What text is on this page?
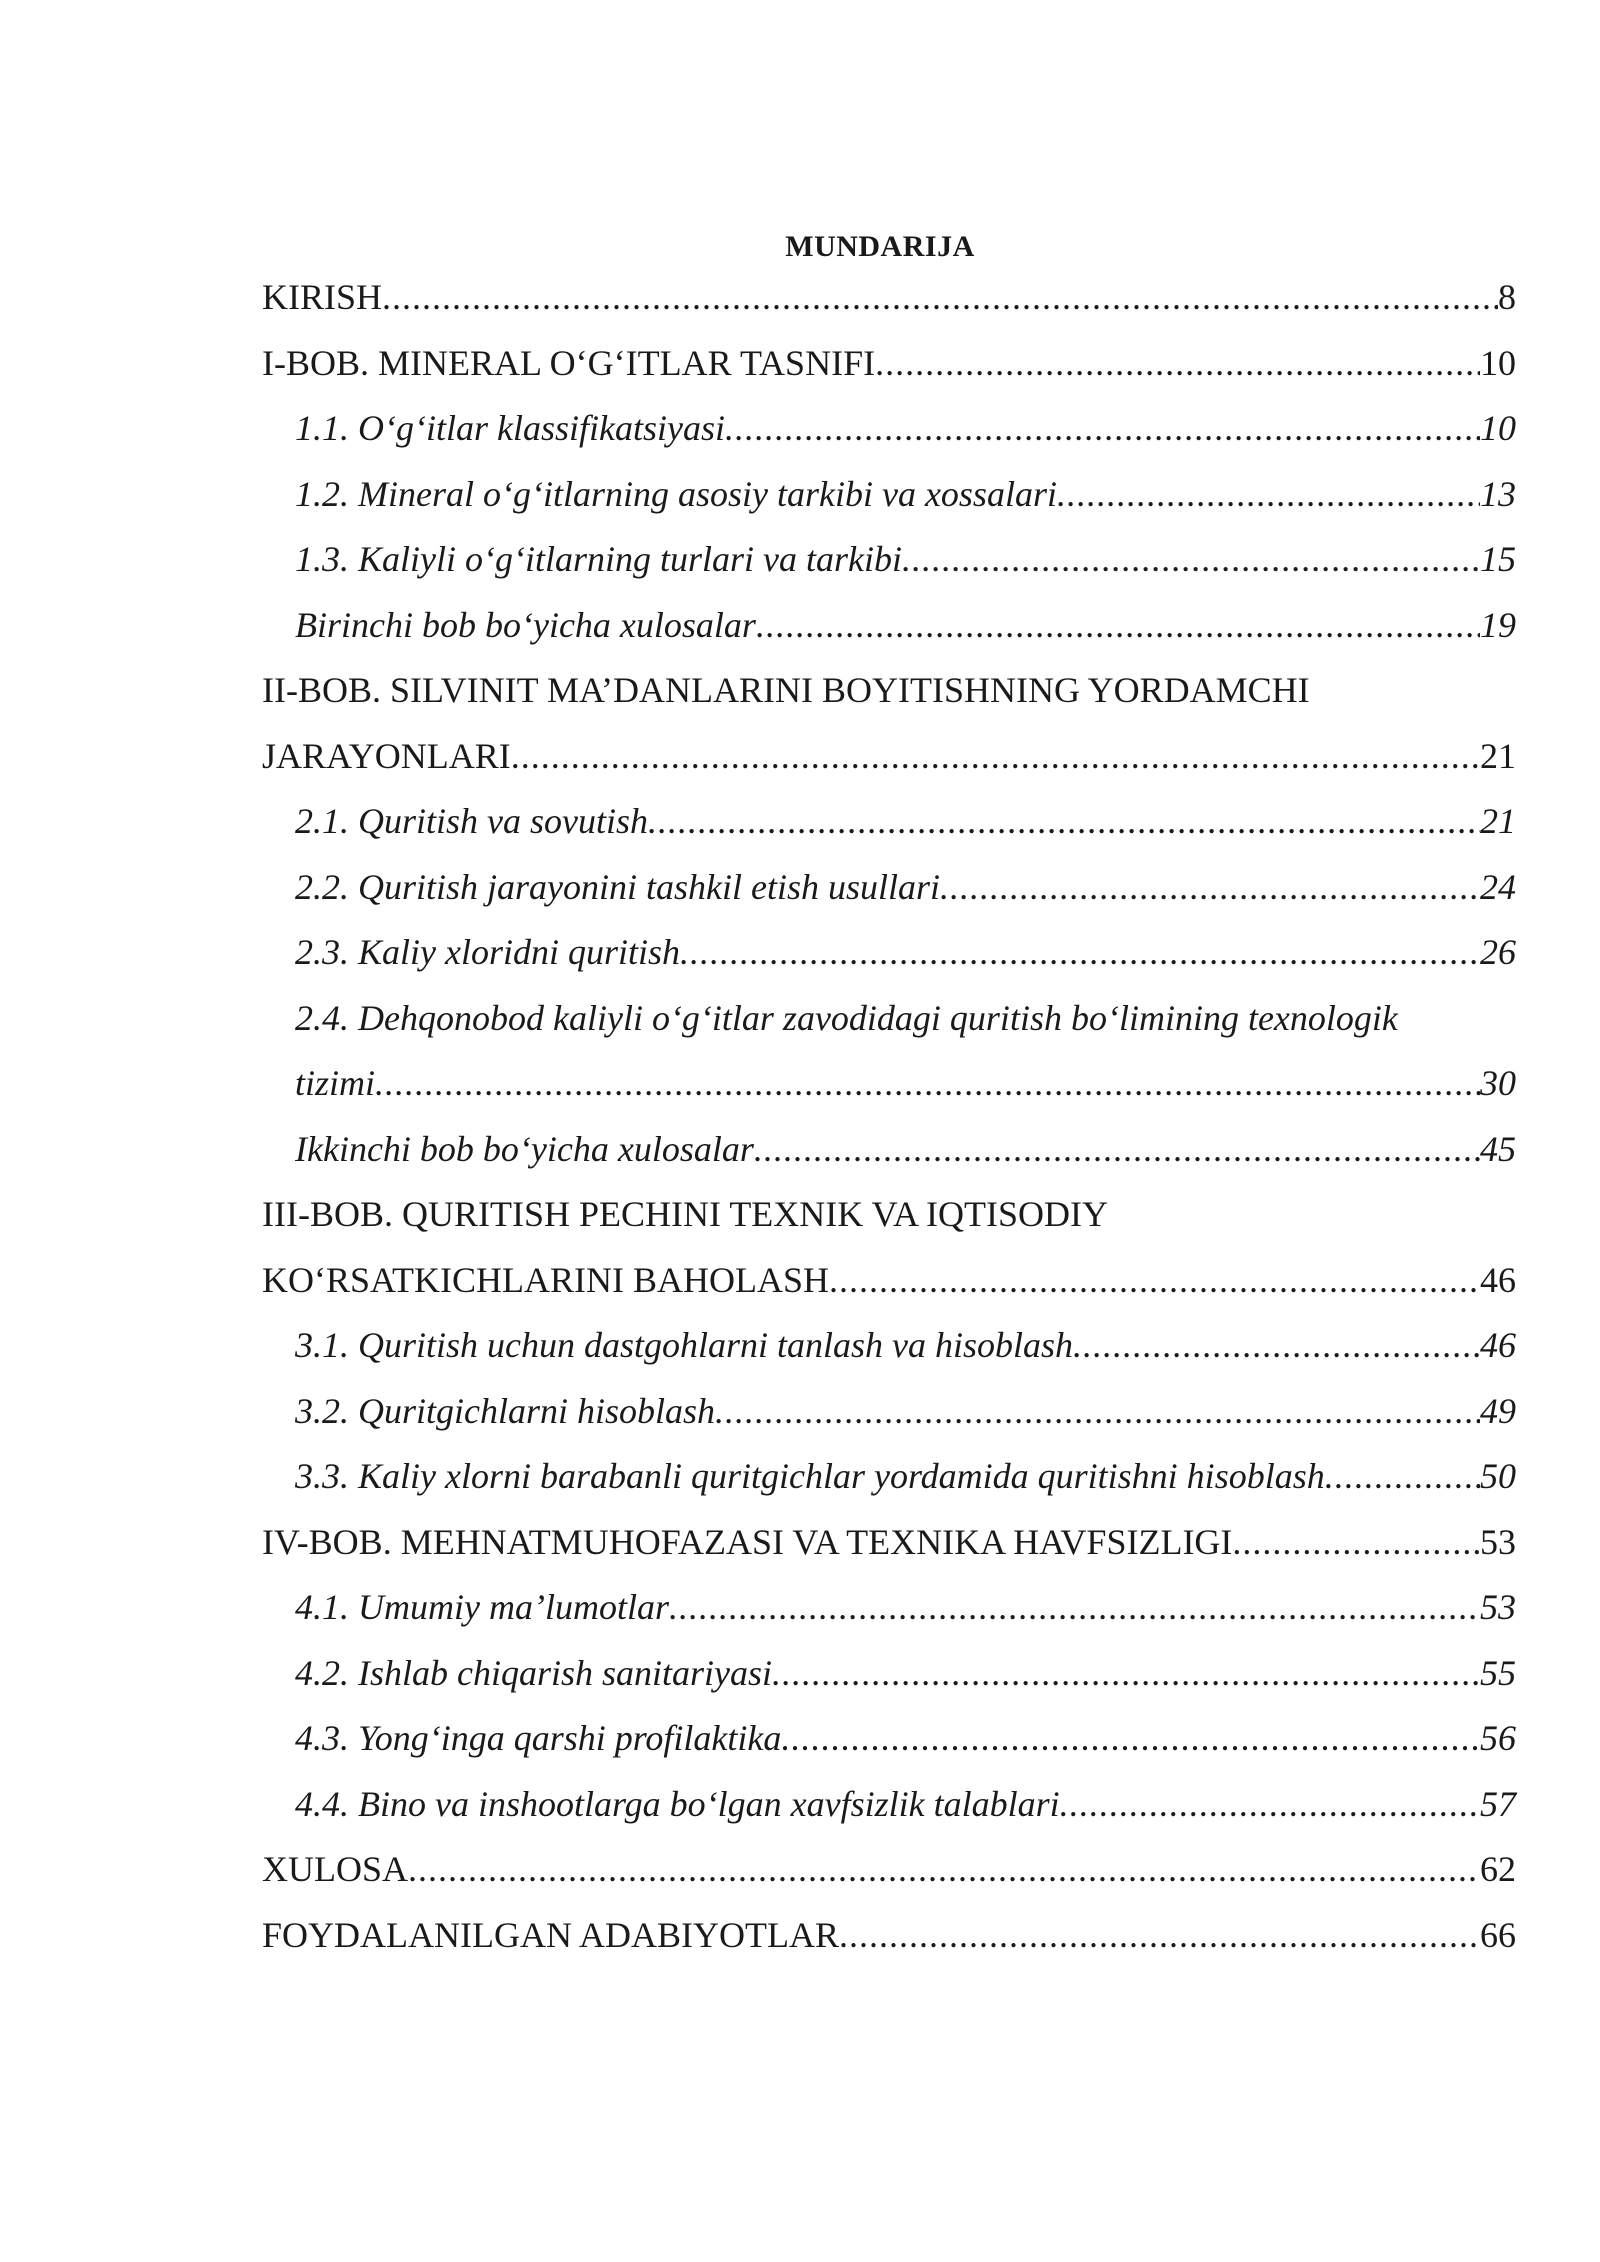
MUNDARIJA
KIRISH .....	8
I-BOB. MINERAL O‘G‘ITLAR TASNIFI .....	10
1.1. O‘g‘itlar klassifikatsiyasi .....	10
1.2. Mineral o‘g‘itlarning asosiy tarkibi va xossalari .....	13
1.3. Kaliyli o‘g‘itlarning turlari va tarkibi .....	15
Birinchi bob bo‘yicha xulosalar .....	19
II-BOB. SILVINIT MA’DANLARINI BOYITISHNING YORDAMCHI
JARAYONLARI .....	21
2.1. Quritish va sovutish .....	21
2.2. Quritish jarayonini tashkil etish usullari .....	24
2.3. Kaliy xloridni quritish .....	26
2.4. Dehqonobod kaliyli o‘g‘itlar zavodidagi quritish bo‘limining texnologik
tizimi .....	30
Ikkinchi bob bo‘yicha xulosalar .....	45
III-BOB. QURITISH PECHINI TEXNIK VA IQTISODIY
KO‘RSATKICHLARINI BAHOLASH .....	46
3.1. Quritish uchun dastgohlarni tanlash va hisoblash .....	46
3.2. Quritgichlarni hisoblash .....	49
3.3. Kaliy xlorni barabanli quritgichlar yordamida quritishni hisoblash .....	50
IV-BOB. MEHNATMUHOFAZASI VA TEXNIKA HAVFSIZLIGI .....	53
4.1. Umumiy ma’lumotlar .....	53
4.2. Ishlab chiqarish sanitariyasi .....	55
4.3. Yong‘inga qarshi profilaktika .....	56
4.4. Bino va inshootlarga bo‘lgan xavfsizlik talablari .....	57
XULOSA .....	62
FOYDALANILGAN ADABIYOTLAR .....	66
